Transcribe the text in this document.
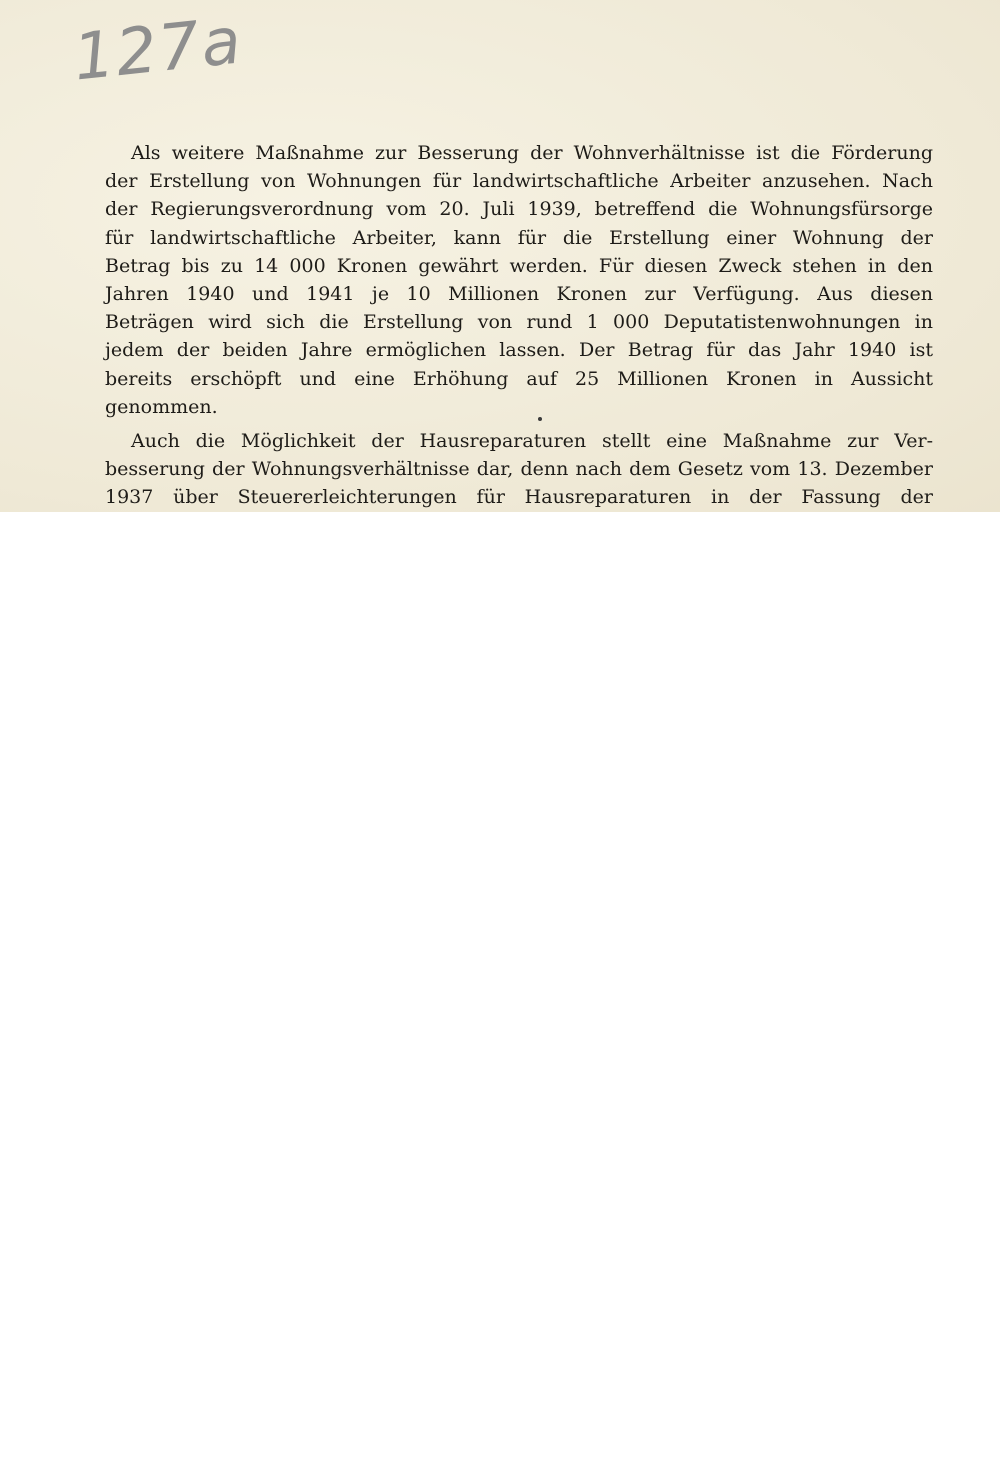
127a
Als weitere Maßnahme zur Besserung der Wohnverhältnisse ist die Förderung
der Erstellung von Wohnungen für landwirtschaftliche Arbeiter anzusehen. Nach
der Regierungsverordnung vom 20. Juli 1939, betreffend die Wohnungsfürsorge
für landwirtschaftliche Arbeiter, kann für die Erstellung einer Wohnung der
Betrag bis zu 14 000 Kronen gewährt werden. Für diesen Zweck stehen in den
Jahren 1940 und 1941 je 10 Millionen Kronen zur Verfügung. Aus diesen
Beträgen wird sich die Erstellung von rund 1 000 Deputatistenwohnungen in
jedem der beiden Jahre ermöglichen lassen. Der Betrag für das Jahr 1940 ist
bereits erschöpft und eine Erhöhung auf 25 Millionen Kronen in Aussicht
genommen.
Auch die Möglichkeit der Hausreparaturen stellt eine Maßnahme zur Ver-
besserung der Wohnungsverhältnisse dar, denn nach dem Gesetz vom 13. Dezember
1937 über Steuererleichterungen für Hausreparaturen in der Fassung der
